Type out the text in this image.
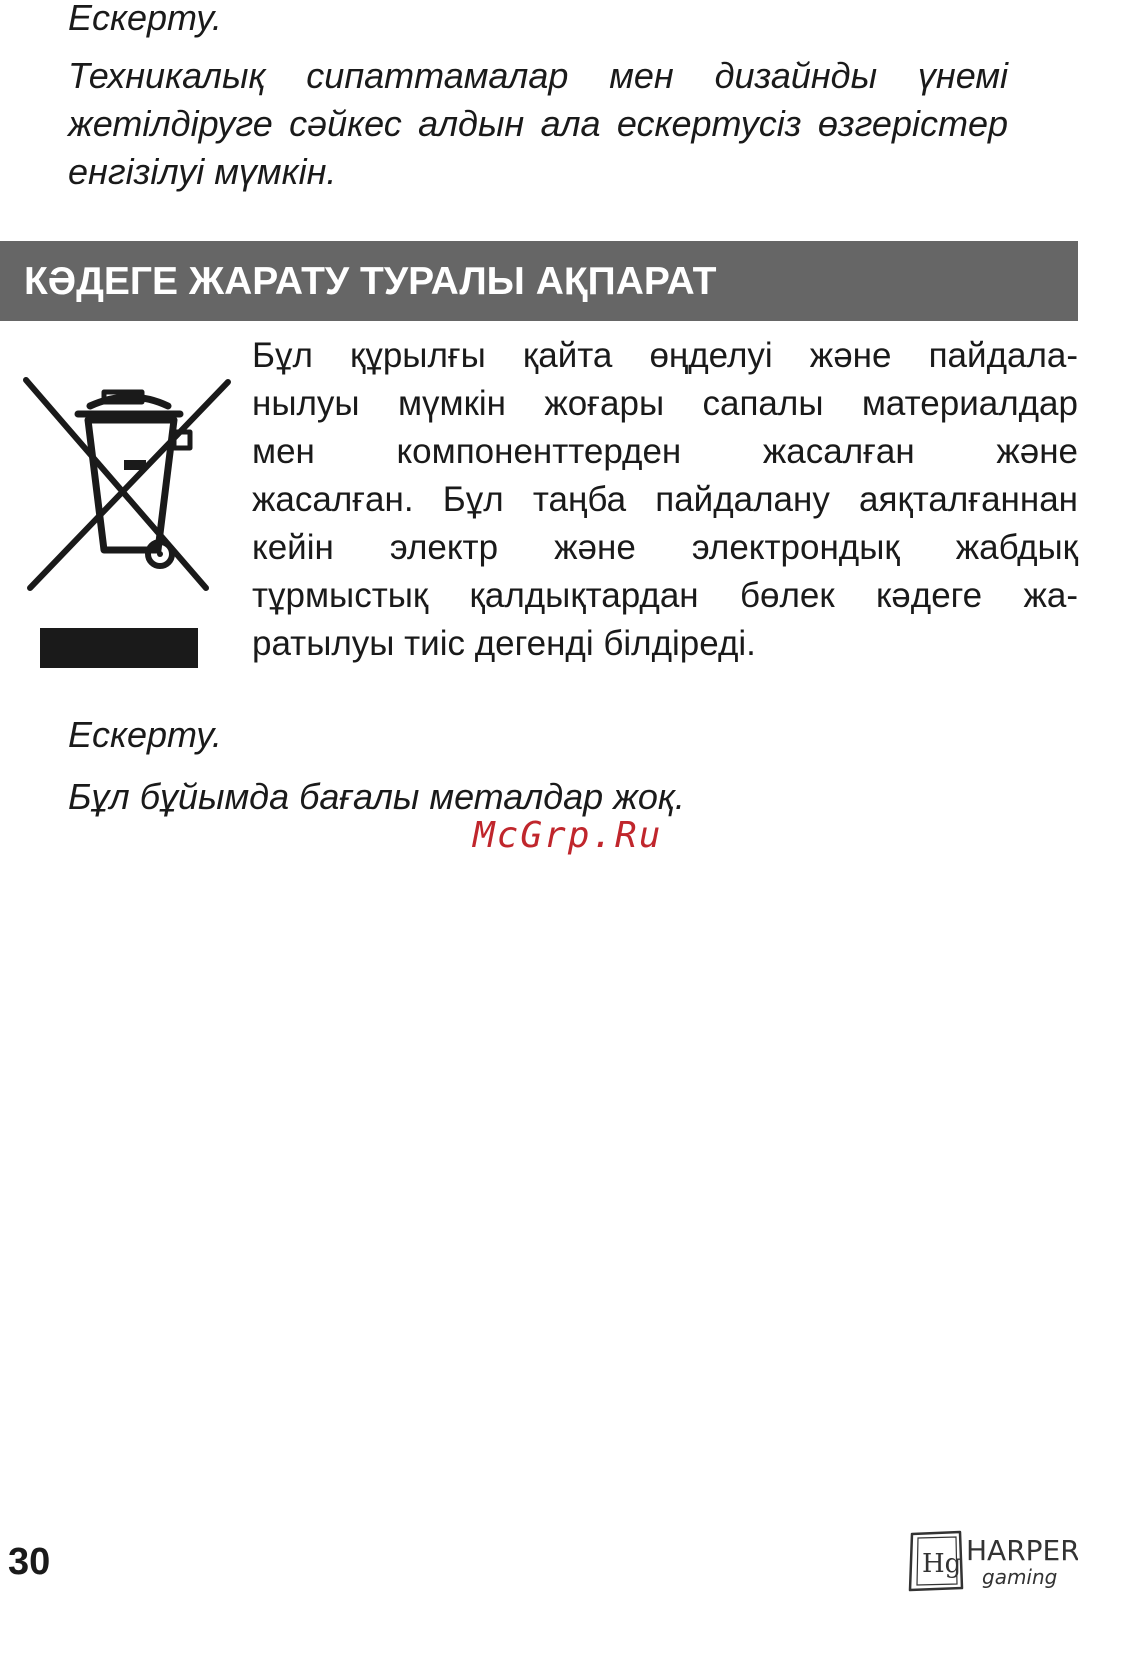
Ескерту.
Техникалық сипаттамалар мен дизайнды үнемі жетілдіруге сәйкес алдын ала ескертусіз өзгерістер енгізілуі мүмкін.
КӘДЕГЕ ЖАРАТУ ТУРАЛЫ АҚПАРАТ
Бұл құрылғы қайта өңделуі және пайдала-
нылуы мүмкін жоғары сапалы материалдар
мен компоненттерден жасалған және
жасалған. Бұл таңба пайдалану аяқталғаннан
кейін электр және электрондық жабдық
тұрмыстық қалдықтардан бөлек кәдеге жа-
ратылуы тиіс дегенді білдіреді.
Ескерту.
Бұл бұйымда бағалы металдар жоқ.
McGrp.Ru
30	Hg HARPER
gaming
